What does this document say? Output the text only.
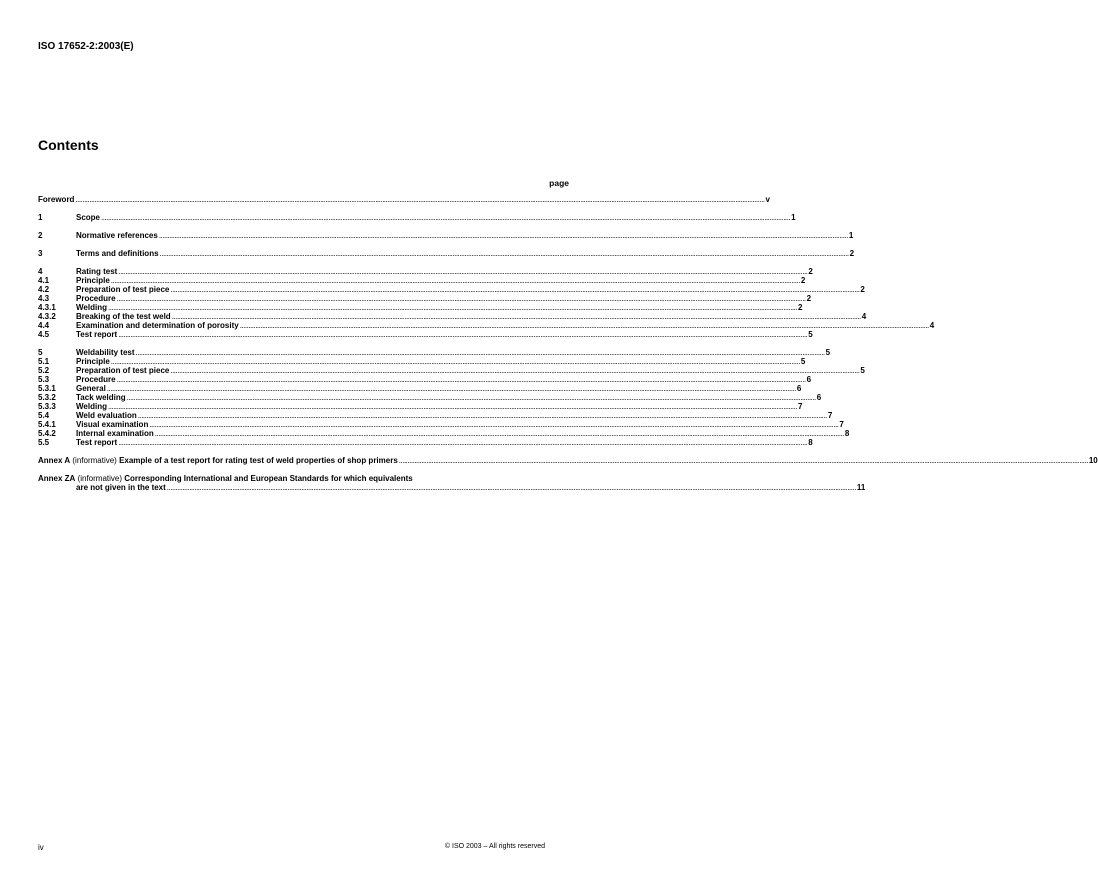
ISO 17652-2:2003(E)
Contents
page
Foreword ................................................................................................................................................................................................................................................................................................................................................................................................................ v
1	Scope ................................................................................................................................................................................................................................................................................................................................................................................................................ 1
2	Normative references ................................................................................................................................................................................................................................................................................................................................................................................................................ 1
3	Terms and definitions ................................................................................................................................................................................................................................................................................................................................................................................................................ 2
4	Rating test ................................................................................................................................................................................................................................................................................................................................................................................................................ 2
4.1	Principle ................................................................................................................................................................................................................................................................................................................................................................................................................ 2
4.2	Preparation of test piece ................................................................................................................................................................................................................................................................................................................................................................................................................ 2
4.3	Procedure ................................................................................................................................................................................................................................................................................................................................................................................................................ 2
4.3.1	Welding ................................................................................................................................................................................................................................................................................................................................................................................................................ 2
4.3.2	Breaking of the test weld ................................................................................................................................................................................................................................................................................................................................................................................................................ 4
4.4	Examination and determination of porosity ................................................................................................................................................................................................................................................................................................................................................................................................................ 4
4.5	Test report ................................................................................................................................................................................................................................................................................................................................................................................................................ 5
5	Weldability test ................................................................................................................................................................................................................................................................................................................................................................................................................ 5
5.1	Principle ................................................................................................................................................................................................................................................................................................................................................................................................................ 5
5.2	Preparation of test piece ................................................................................................................................................................................................................................................................................................................................................................................................................ 5
5.3	Procedure ................................................................................................................................................................................................................................................................................................................................................................................................................ 6
5.3.1	General ................................................................................................................................................................................................................................................................................................................................................................................................................ 6
5.3.2	Tack welding ................................................................................................................................................................................................................................................................................................................................................................................................................ 6
5.3.3	Welding ................................................................................................................................................................................................................................................................................................................................................................................................................ 7
5.4	Weld evaluation ................................................................................................................................................................................................................................................................................................................................................................................................................ 7
5.4.1	Visual examination ................................................................................................................................................................................................................................................................................................................................................................................................................ 7
5.4.2	Internal examination ................................................................................................................................................................................................................................................................................................................................................................................................................ 8
5.5	Test report ................................................................................................................................................................................................................................................................................................................................................................................................................ 8
Annex A (informative) Example of a test report for rating test of weld properties of shop primers ................................................................................................................................................................................................................................................................................................................................................................................................................ 10
Annex ZA (informative) Corresponding International and European Standards for which equivalents
are not given in the text ................................................................................................................................................................................................................................................................................................................................................................................................................ 11
iv	© ISO 2003 – All rights reserved
